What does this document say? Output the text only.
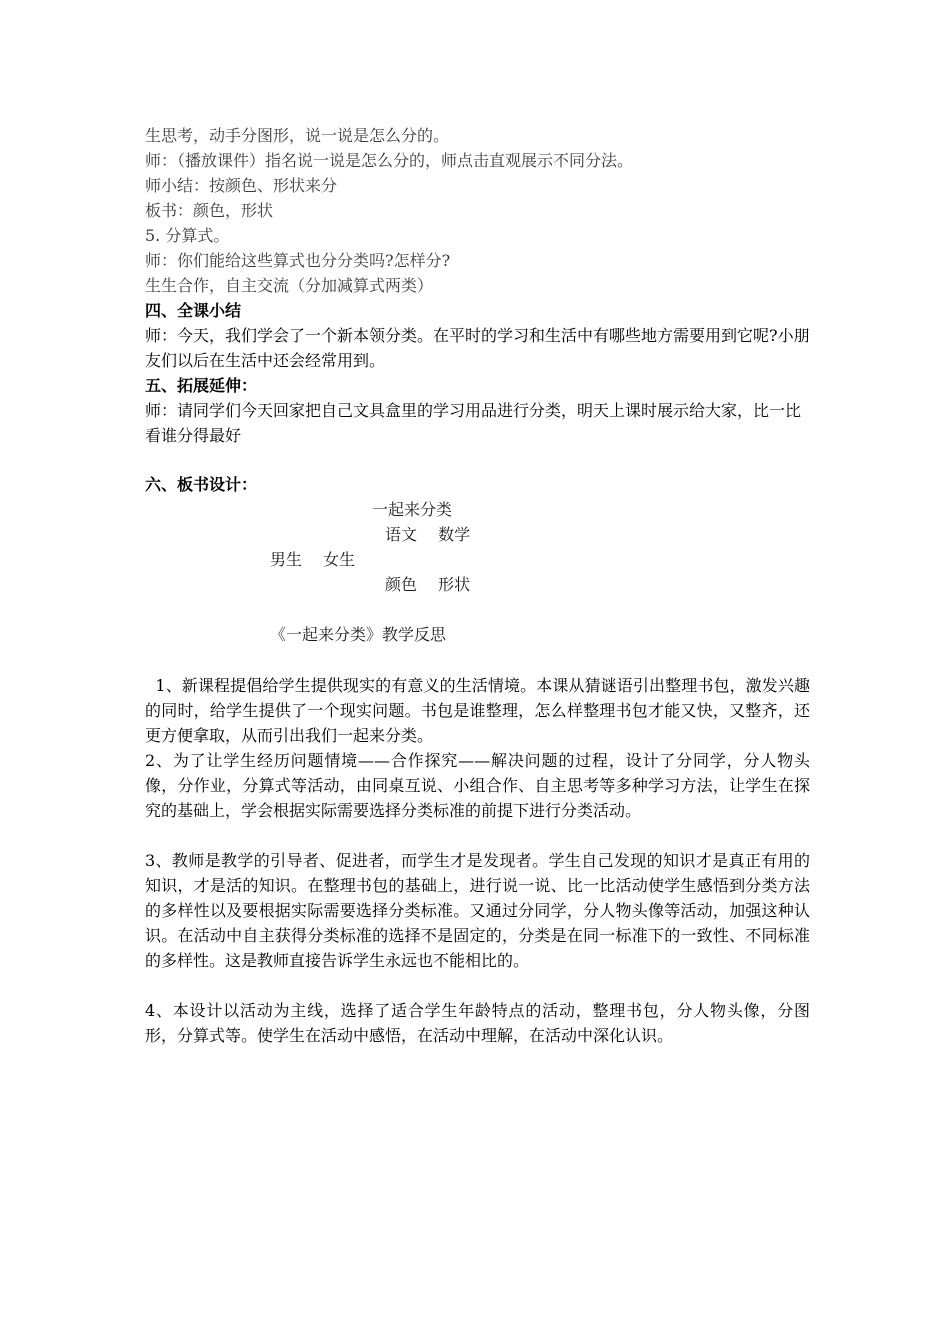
生思考，动手分图形，说一说是怎么分的。
师：（播放课件）指名说一说是怎么分的，师点击直观展示不同分法。
师小结：按颜色、形状来分
板书：颜色，形状
5. 分算式。
师：你们能给这些算式也分分类吗?怎样分?
生生合作，自主交流（分加减算式两类）
四、全课小结
师：今天，我们学会了一个新本领分类。在平时的学习和生活中有哪些地方需要用到它呢?小朋友们以后在生活中还会经常用到。
五、拓展延伸：
师：请同学们今天回家把自己文具盒里的学习用品进行分类，明天上课时展示给大家，比一比看谁分得最好
六、板书设计：
一起来分类
语文　 数学
男生　 女生
颜色　 形状
《一起来分类》教学反思
1、新课程提倡给学生提供现实的有意义的生活情境。本课从猜谜语引出整理书包，激发兴趣的同时，给学生提供了一个现实问题。书包是谁整理，怎么样整理书包才能又快，又整齐，还更方便拿取，从而引出我们一起来分类。
2、为了让学生经历问题情境——合作探究——解决问题的过程，设计了分同学，分人物头像，分作业，分算式等活动，由同桌互说、小组合作、自主思考等多种学习方法，让学生在探究的基础上，学会根据实际需要选择分类标准的前提下进行分类活动。
3、教师是教学的引导者、促进者，而学生才是发现者。学生自己发现的知识才是真正有用的知识，才是活的知识。在整理书包的基础上，进行说一说、比一比活动使学生感悟到分类方法的多样性以及要根据实际需要选择分类标准。又通过分同学，分人物头像等活动，加强这种认识。在活动中自主获得分类标准的选择不是固定的，分类是在同一标准下的一致性、不同标准的多样性。这是教师直接告诉学生永远也不能相比的。
4、本设计以活动为主线，选择了适合学生年龄特点的活动，整理书包，分人物头像，分图形，分算式等。使学生在活动中感悟，在活动中理解，在活动中深化认识。
